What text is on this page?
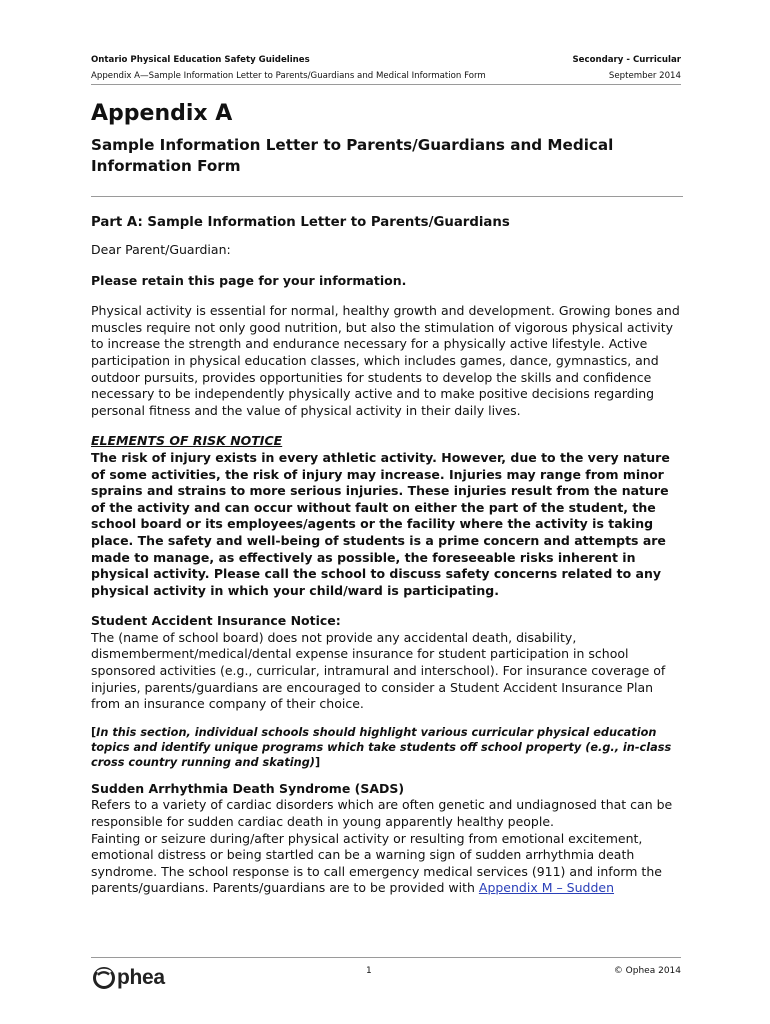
Ontario Physical Education Safety Guidelines	Secondary - Curricular
Appendix A—Sample Information Letter to Parents/Guardians and Medical Information Form	September 2014
Appendix A

Sample Information Letter to Parents/Guardians and Medical Information Form

Part A: Sample Information Letter to Parents/Guardians

Dear Parent/Guardian:

Please retain this page for your information.

Physical activity is essential for normal, healthy growth and development. Growing bones and muscles require not only good nutrition, but also the stimulation of vigorous physical activity to increase the strength and endurance necessary for a physically active lifestyle. Active participation in physical education classes, which includes games, dance, gymnastics, and outdoor pursuits, provides opportunities for students to develop the skills and confidence necessary to be independently physically active and to make positive decisions regarding personal fitness and the value of physical activity in their daily lives.

ELEMENTS OF RISK NOTICE

The risk of injury exists in every athletic activity. However, due to the very nature of some activities, the risk of injury may increase. Injuries may range from minor sprains and strains to more serious injuries. These injuries result from the nature of the activity and can occur without fault on either the part of the student, the school board or its employees/agents or the facility where the activity is taking place. The safety and well-being of students is a prime concern and attempts are made to manage, as effectively as possible, the foreseeable risks inherent in physical activity. Please call the school to discuss safety concerns related to any physical activity in which your child/ward is participating.

Student Accident Insurance Notice:

The (name of school board) does not provide any accidental death, disability, dismemberment/medical/dental expense insurance for student participation in school sponsored activities (e.g., curricular, intramural and interschool). For insurance coverage of injuries, parents/guardians are encouraged to consider a Student Accident Insurance Plan from an insurance company of their choice.

[In this section, individual schools should highlight various curricular physical education topics and identify unique programs which take students off school property (e.g., in-class cross country running and skating)]

Sudden Arrhythmia Death Syndrome (SADS)

Refers to a variety of cardiac disorders which are often genetic and undiagnosed that can be responsible for sudden cardiac death in young apparently healthy people.

Fainting or seizure during/after physical activity or resulting from emotional excitement, emotional distress or being startled can be a warning sign of sudden arrhythmia death syndrome. The school response is to call emergency medical services (911) and inform the parents/guardians. Parents/guardians are to be provided with Appendix M – Sudden

phea	1	© Ophea 2014
